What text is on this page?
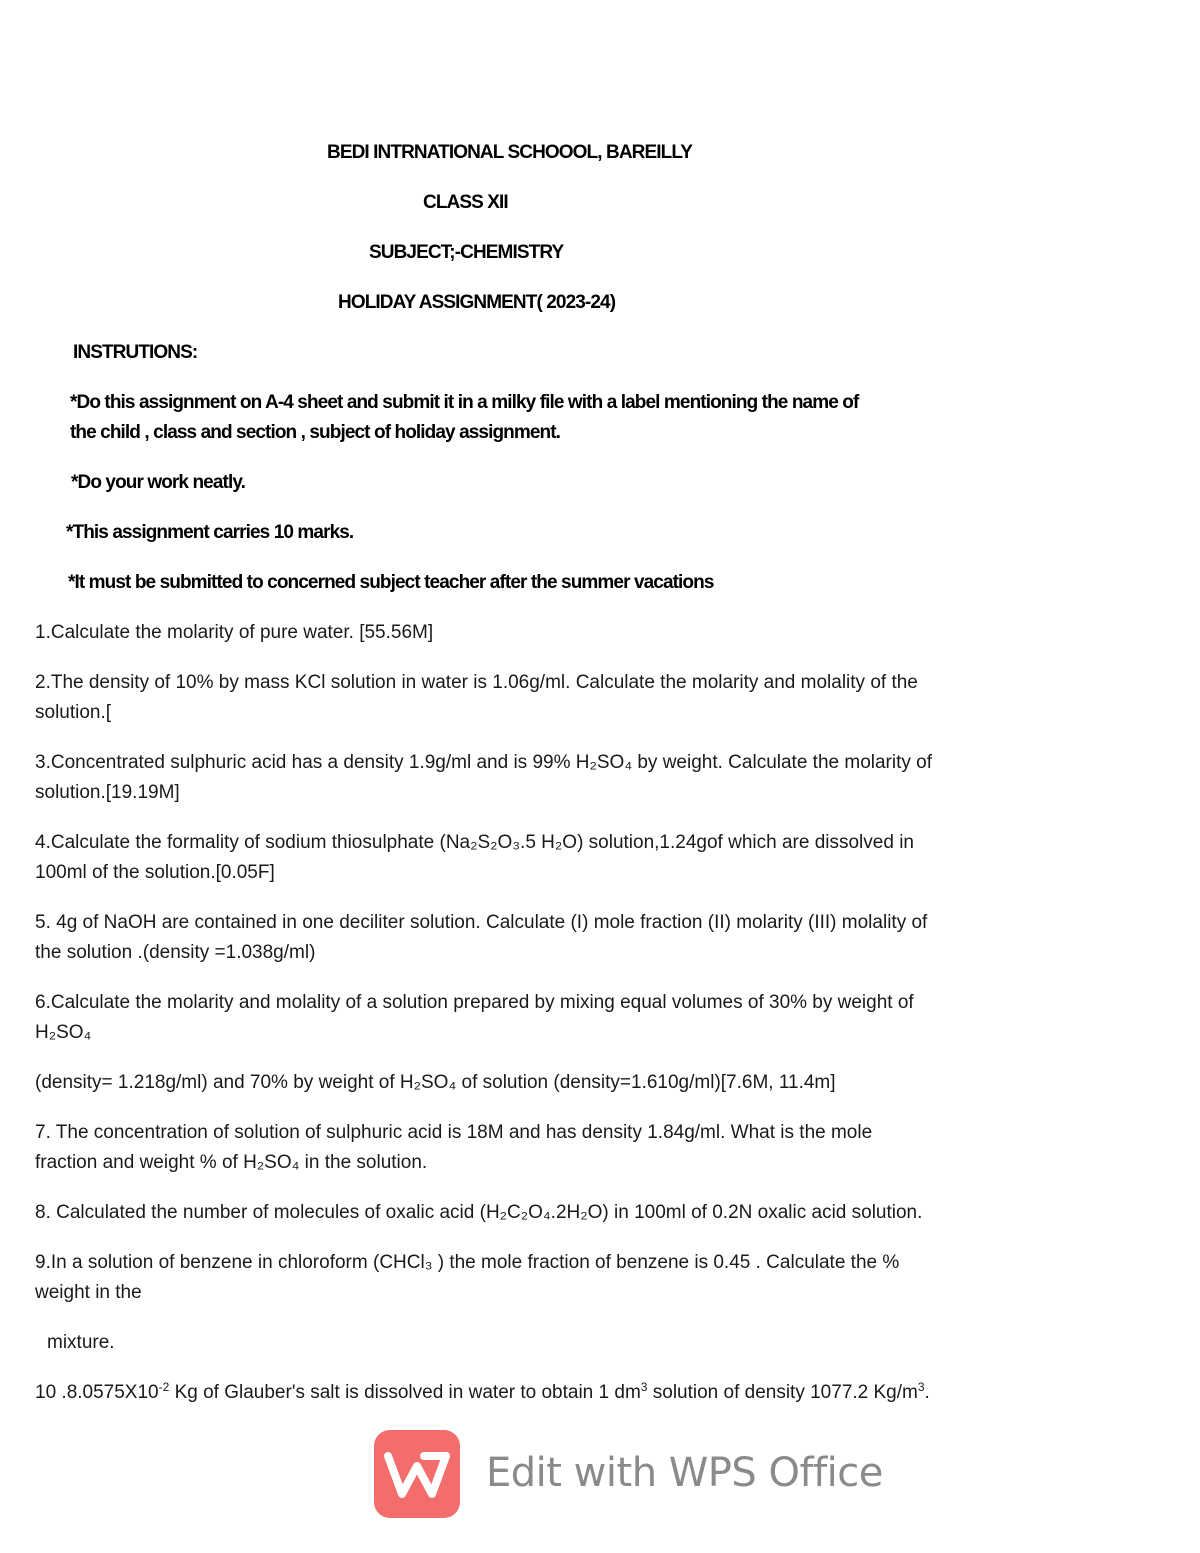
BEDI INTRNATIONAL SCHOOOL, BAREILLY
CLASS XII
SUBJECT;-CHEMISTRY
HOLIDAY ASSIGNMENT( 2023-24)
INSTRUTIONS:
*Do this assignment on A-4 sheet and submit it in a milky file with a label mentioning the name of
the child , class and section , subject of holiday assignment.
*Do your work neatly.
*This assignment carries 10 marks.
*It must be submitted to concerned subject teacher after the summer vacations
1.Calculate the molarity of pure water. [55.56M]
2.The density of 10% by mass KCl solution in water is 1.06g/ml. Calculate the molarity and molality of the
solution.[
3.Concentrated sulphuric acid has a density 1.9g/ml and is 99% H₂SO₄ by weight. Calculate the molarity of
solution.[19.19M]
4.Calculate the formality of sodium thiosulphate (Na₂S₂O₃.5 H₂O) solution,1.24gof which are dissolved in
100ml of the solution.[0.05F]
5. 4g of NaOH are contained in one deciliter solution. Calculate (I) mole fraction (II) molarity (III) molality of
the solution .(density =1.038g/ml)
6.Calculate the molarity and molality of a solution prepared by mixing equal volumes of 30% by weight of
H₂SO₄
(density= 1.218g/ml) and 70% by weight of H₂SO₄ of solution (density=1.610g/ml)[7.6M, 11.4m]
7. The concentration of solution of sulphuric acid is 18M and has density 1.84g/ml. What is the mole
fraction and weight % of H₂SO₄ in the solution.
8. Calculated the number of molecules of oxalic acid (H₂C₂O₄.2H₂O) in 100ml of 0.2N oxalic acid solution.
9.In a solution of benzene in chloroform (CHCl₃ ) the mole fraction of benzene is 0.45 . Calculate the %
weight in the
mixture.
10 $.8.0575X10^{-2}$ Kg of Glauber's salt is dissolved in water to obtain 1 $dm^3$ solution of density 1077.2 $Kg/m^3$.
Edit with WPS Office
